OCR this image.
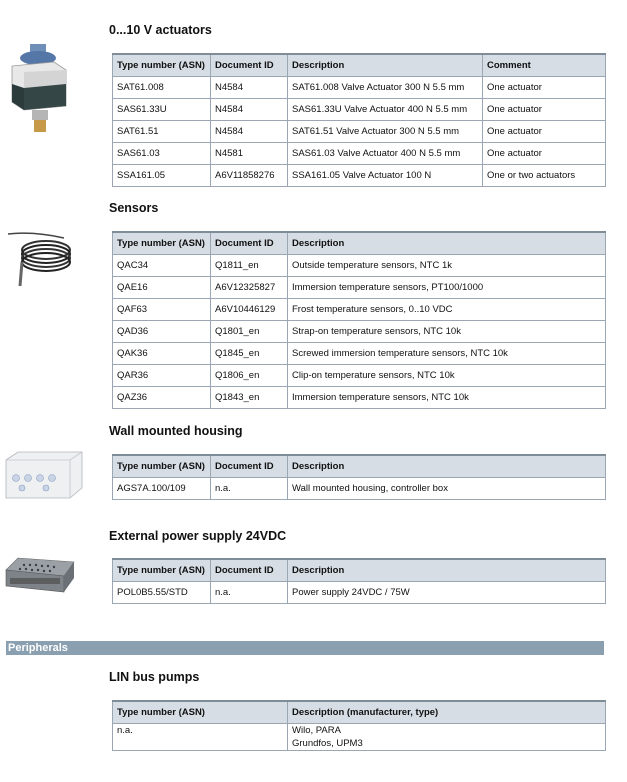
0...10 V actuators
Type number (ASN)	Document ID	Description	Comment
SAT61.008	N4584	SAT61.008 Valve Actuator 300 N 5.5 mm	One actuator
SAS61.33U	N4584	SAS61.33U Valve Actuator 400 N 5.5 mm	One actuator
SAT61.51	N4584	SAT61.51 Valve Actuator 300 N 5.5 mm	One actuator
SAS61.03	N4581	SAS61.03 Valve Actuator 400 N 5.5 mm	One actuator
SSA161.05	A6V11858276	SSA161.05 Valve Actuator 100 N	One or two actuators
Sensors
Type number (ASN)	Document ID	Description
QAC34	Q1811_en	Outside temperature sensors, NTC 1k
QAE16	A6V12325827	Immersion temperature sensors, PT100/1000
QAF63	A6V10446129	Frost temperature sensors, 0..10 VDC
QAD36	Q1801_en	Strap-on temperature sensors, NTC 10k
QAK36	Q1845_en	Screwed immersion temperature sensors, NTC 10k
QAR36	Q1806_en	Clip-on temperature sensors, NTC 10k
QAZ36	Q1843_en	Immersion temperature sensors, NTC 10k
Wall mounted housing
Type number (ASN)	Document ID	Description
AGS7A.100/109	n.a.	Wall mounted housing, controller box
External power supply 24VDC
Type number (ASN)	Document ID	Description
POL0B5.55/STD	n.a.	Power supply 24VDC / 75W
Peripherals
LIN bus pumps
Type number (ASN)	Description (manufacturer, type)
n.a.	Wilo, PARA
Grundfos, UPM3
